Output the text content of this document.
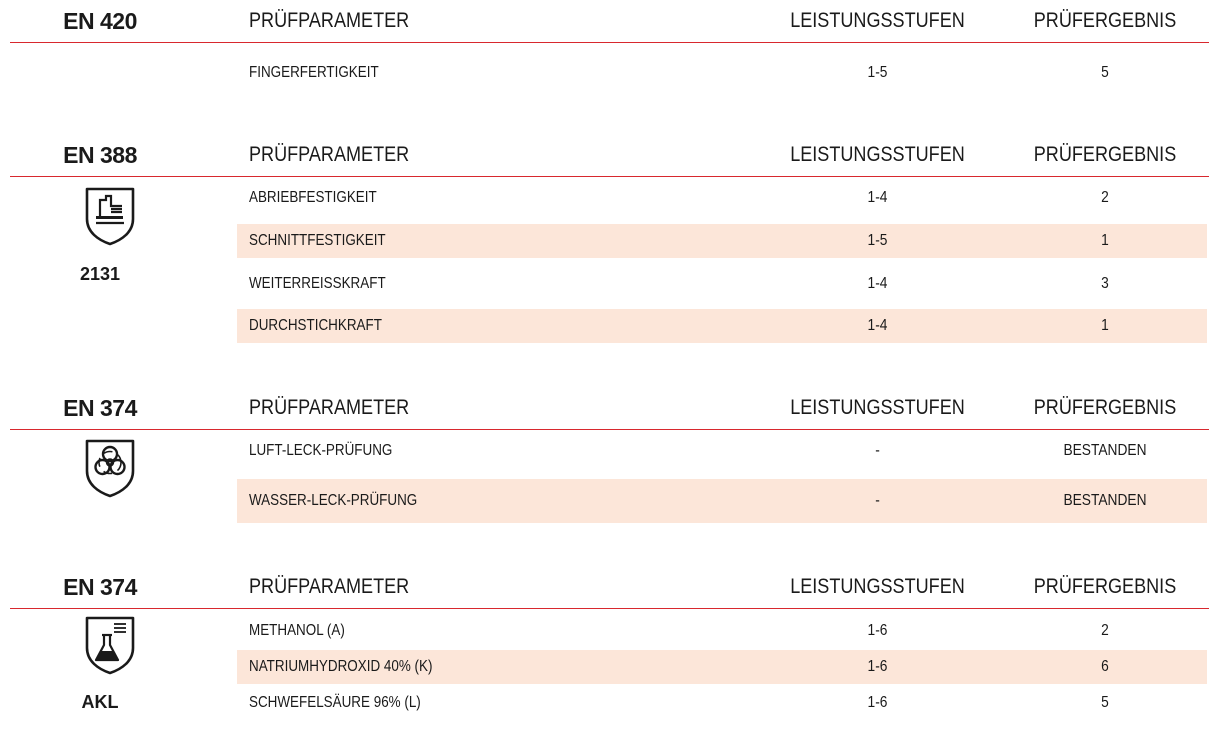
EN 420	PRÜFPARAMETER	LEISTUNGSSTUFEN	PRÜFERGEBNIS
FINGERFERTIGKEIT	1-5	5
EN 388	PRÜFPARAMETER	LEISTUNGSSTUFEN	PRÜFERGEBNIS
2131
ABRIEBFESTIGKEIT	1-4	2
SCHNITTFESTIGKEIT	1-5	1
WEITERREISSKRAFT	1-4	3
DURCHSTICHKRAFT	1-4	1
EN 374	PRÜFPARAMETER	LEISTUNGSSTUFEN	PRÜFERGEBNIS
LUFT-LECK-PRÜFUNG	-	BESTANDEN
WASSER-LECK-PRÜFUNG	-	BESTANDEN
EN 374	PRÜFPARAMETER	LEISTUNGSSTUFEN	PRÜFERGEBNIS
AKL
METHANOL (A)	1-6	2
NATRIUMHYDROXID 40% (K)	1-6	6
SCHWEFELSÄURE 96% (L)	1-6	5
